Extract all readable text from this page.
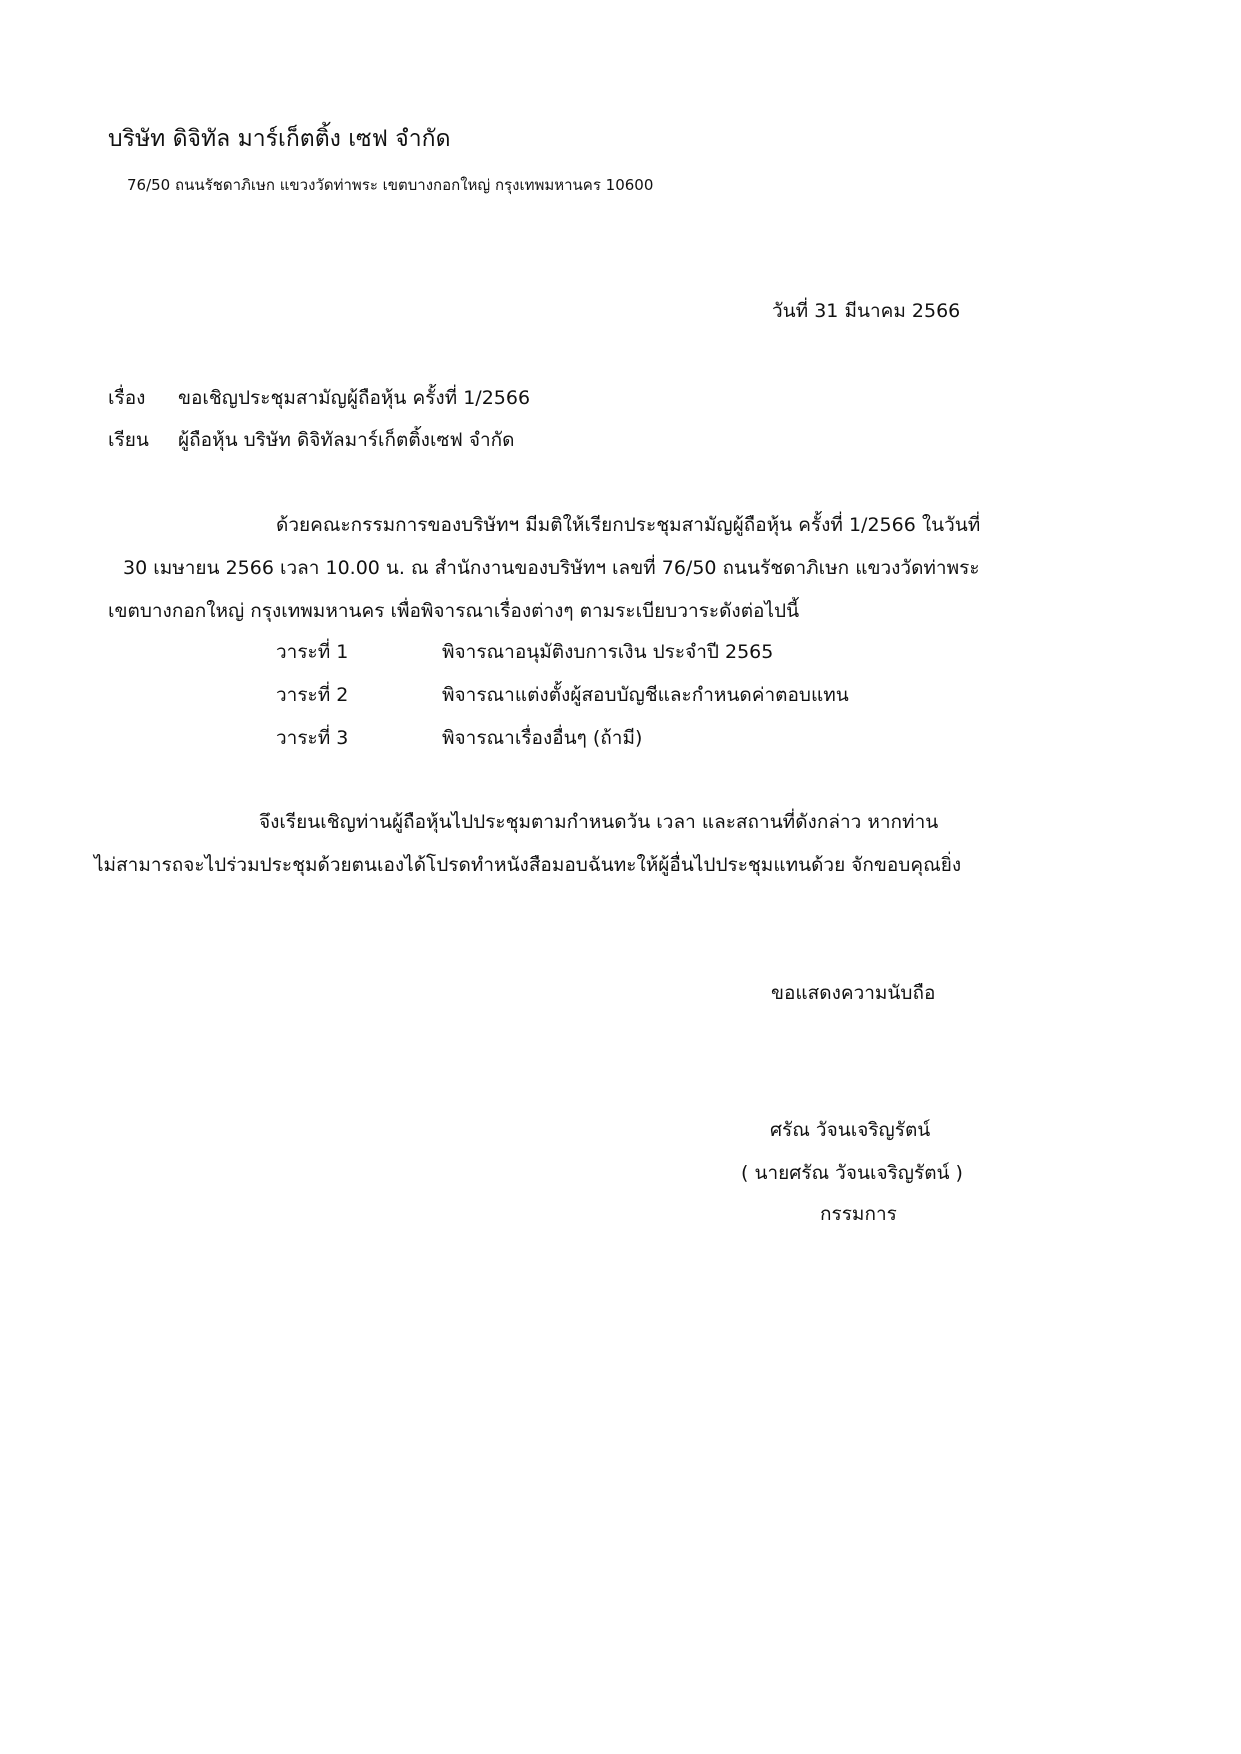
บริษัท ดิจิทัล มาร์เก็ตติ้ง เซฟ จำกัด
76/50 ถนนรัชดาภิเษก แขวงวัดท่าพระ เขตบางกอกใหญ่ กรุงเทพมหานคร 10600
วันที่ 31 มีนาคม 2566
เรื่อง ขอเชิญประชุมสามัญผู้ถือหุ้น ครั้งที่ 1/2566
เรียน ผู้ถือหุ้น บริษัท ดิจิทัลมาร์เก็ตติ้งเซฟ จำกัด
ด้วยคณะกรรมการของบริษัทฯ มีมติให้เรียกประชุมสามัญผู้ถือหุ้น ครั้งที่ 1/2566 ในวันที่
30 เมษายน 2566 เวลา 10.00 น. ณ สำนักงานของบริษัทฯ เลขที่ 76/50 ถนนรัชดาภิเษก แขวงวัดท่าพระ
เขตบางกอกใหญ่ กรุงเทพมหานคร เพื่อพิจารณาเรื่องต่างๆ ตามระเบียบวาระดังต่อไปนี้
วาระที่ 1	พิจารณาอนุมัติงบการเงิน ประจำปี 2565
วาระที่ 2	พิจารณาแต่งตั้งผู้สอบบัญชีและกำหนดค่าตอบแทน
วาระที่ 3	พิจารณาเรื่องอื่นๆ (ถ้ามี)
จึงเรียนเชิญท่านผู้ถือหุ้นไปประชุมตามกำหนดวัน เวลา และสถานที่ดังกล่าว หากท่าน
ไม่สามารถจะไปร่วมประชุมด้วยตนเองได้โปรดทำหนังสือมอบฉันทะให้ผู้อื่นไปประชุมแทนด้วย จักขอบคุณยิ่ง
ขอแสดงความนับถือ
ศรัณ วัจนเจริญรัตน์
( นายศรัณ วัจนเจริญรัตน์ )
กรรมการ
